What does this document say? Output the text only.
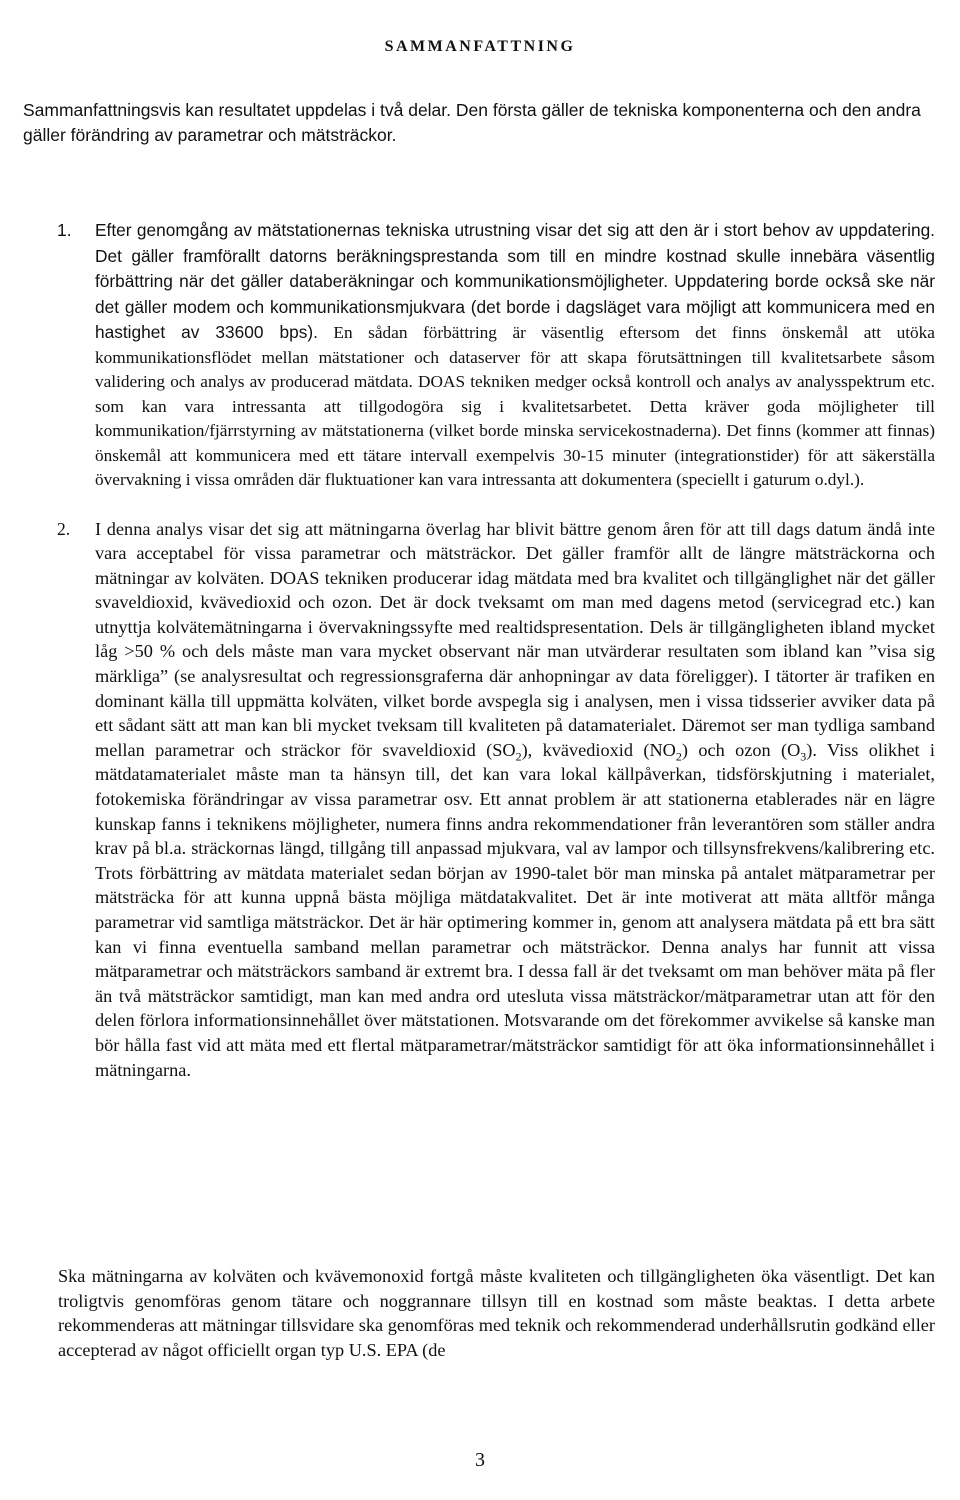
SAMMANFATTNING

Sammanfattningsvis kan resultatet uppdelas i två delar. Den första gäller de tekniska komponenterna och den andra gäller förändring av parametrar och mätsträckor.

1. Efter genomgång av mätstationernas tekniska utrustning visar det sig att den är i stort behov av uppdatering. Det gäller framförallt datorns beräkningsprestanda som till en mindre kostnad skulle innebära väsentlig förbättring när det gäller databeräkningar och kommunikationsmöjligheter. Uppdatering borde också ske när det gäller modem och kommunikationsmjukvara (det borde i dagsläget vara möjligt att kommunicera med en hastighet av 33600 bps). En sådan förbättring är väsentlig eftersom det finns önskemål att utöka kommunikationsflödet mellan mätstationer och dataserver för att skapa förutsättningen till kvalitetsarbete såsom validering och analys av producerad mätdata. DOAS tekniken medger också kontroll och analys av analysspektrum etc. som kan vara intressanta att tillgodogöra sig i kvalitetsarbetet. Detta kräver goda möjligheter till kommunikation/fjärrstyrning av mätstationerna (vilket borde minska servicekostnaderna). Det finns (kommer att finnas) önskemål att kommunicera med ett tätare intervall exempelvis 30-15 minuter (integrationstider) för att säkerställa övervakning i vissa områden där fluktuationer kan vara intressanta att dokumentera (speciellt i gaturum o.dyl.).

2. I denna analys visar det sig att mätningarna överlag har blivit bättre genom åren för att till dags datum ändå inte vara acceptabel för vissa parametrar och mätsträckor. Det gäller framför allt de längre mätsträckorna och mätningar av kolväten. DOAS tekniken producerar idag mätdata med bra kvalitet och tillgänglighet när det gäller svaveldioxid, kvävedioxid och ozon. Det är dock tveksamt om man med dagens metod (servicegrad etc.) kan utnyttja kolvätemätningarna i övervakningssyfte med realtidspresentation. Dels är tillgängligheten ibland mycket låg >50 % och dels måste man vara mycket observant när man utvärderar resultaten som ibland kan ”visa sig märkliga” (se analysresultat och regressionsgraferna där anhopningar av data föreligger). I tätorter är trafiken en dominant källa till uppmätta kolväten, vilket borde avspegla sig i analysen, men i vissa tidsserier avviker data på ett sådant sätt att man kan bli mycket tveksam till kvaliteten på datamaterialet. Däremot ser man tydliga samband mellan parametrar och sträckor för svaveldioxid $(SO_2)$, kvävedioxid $(NO_2)$ och ozon $(O_3)$. Viss olikhet i mätdatamaterialet måste man ta hänsyn till, det kan vara lokal källpåverkan, tidsförskjutning i materialet, fotokemiska förändringar av vissa parametrar osv. Ett annat problem är att stationerna etablerades när en lägre kunskap fanns i teknikens möjligheter, numera finns andra rekommendationer från leverantören som ställer andra krav på bl.a. sträckornas längd, tillgång till anpassad mjukvara, val av lampor och tillsynsfrekvens/kalibrering etc. Trots förbättring av mätdata materialet sedan början av 1990-talet bör man minska på antalet mätparametrar per mätsträcka för att kunna uppnå bästa möjliga mätdatakvalitet. Det är inte motiverat att mäta alltför många parametrar vid samtliga mätsträckor. Det är här optimering kommer in, genom att analysera mätdata på ett bra sätt kan vi finna eventuella samband mellan parametrar och mätsträckor. Denna analys har funnit att vissa mätparametrar och mätsträckors samband är extremt bra. I dessa fall är det tveksamt om man behöver mäta på fler än två mätsträckor samtidigt, man kan med andra ord utesluta vissa mätsträckor/mätparametrar utan att för den delen förlora informationsinnehållet över mätstationen. Motsvarande om det förekommer avvikelse så kanske man bör hålla fast vid att mäta med ett flertal mätparametrar/mätsträckor samtidigt för att öka informationsinnehållet i mätningarna.

Ska mätningarna av kolväten och kvävemonoxid fortgå måste kvaliteten och tillgängligheten öka väsentligt. Det kan troligtvis genomföras genom tätare och noggrannare tillsyn till en kostnad som måste beaktas. I detta arbete rekommenderas att mätningar tillsvidare ska genomföras med teknik och rekommenderad underhållsrutin godkänd eller accepterad av något officiellt organ typ U.S. EPA (de

3
